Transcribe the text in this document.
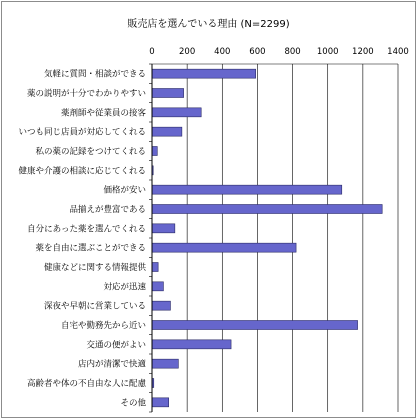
販売店を選んでいる理由 (N=2299)
0	200 400 600 800 1000 1200 1400
気軽に質問・相談ができる
薬の説明が十分でわかりやすい
薬剤師や従業員の接客
いつも同じ店員が対応してくれる
私の薬の記録をつけてくれる
健康や介護の相談に応じてくれる
価格が安い
品揃えが豊富である
自分にあった薬を選んでくれる
薬を自由に選ぶことができる
健康などに関する情報提供
対応が迅速
深夜や早朝に営業している
自宅や勤務先から近い
交通の便がよい
店内が清潔で快適
高齢者や体の不自由な人に配慮
その他
